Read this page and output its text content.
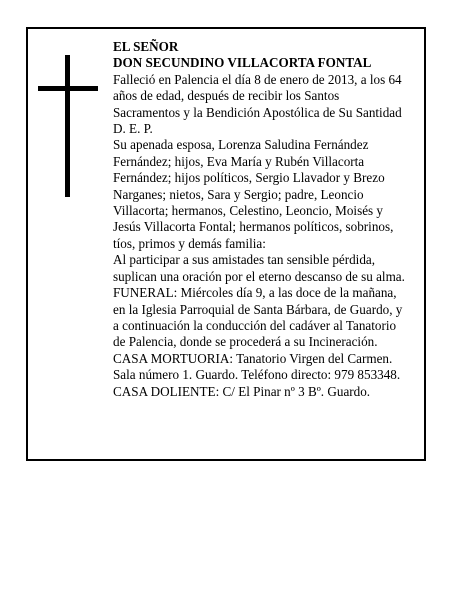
EL SEÑOR

DON SECUNDINO VILLACORTA FONTAL

Falleció en Palencia el día 8 de enero de 2013, a los 64

años de edad, después de recibir los Santos

Sacramentos y la Bendición Apostólica de Su Santidad

D. E. P.

Su apenada esposa, Lorenza Saludina Fernández

Fernández; hijos, Eva María y Rubén Villacorta

Fernández; hijos políticos, Sergio Llavador y Brezo

Narganes; nietos, Sara y Sergio; padre, Leoncio

Villacorta; hermanos, Celestino, Leoncio, Moisés y

Jesús Villacorta Fontal; hermanos políticos, sobrinos,

tíos, primos y demás familia:

Al participar a sus amistades tan sensible pérdida,

suplican una oración por el eterno descanso de su alma.

FUNERAL: Miércoles día 9, a las doce de la mañana,

en la Iglesia Parroquial de Santa Bárbara, de Guardo, y

a continuación la conducción del cadáver al Tanatorio

de Palencia, donde se procederá a su Incineración.

CASA MORTUORIA: Tanatorio Virgen del Carmen.

Sala número 1. Guardo. Teléfono directo: 979 853348.

CASA DOLIENTE: C/ El Pinar nº 3 Bº. Guardo.
